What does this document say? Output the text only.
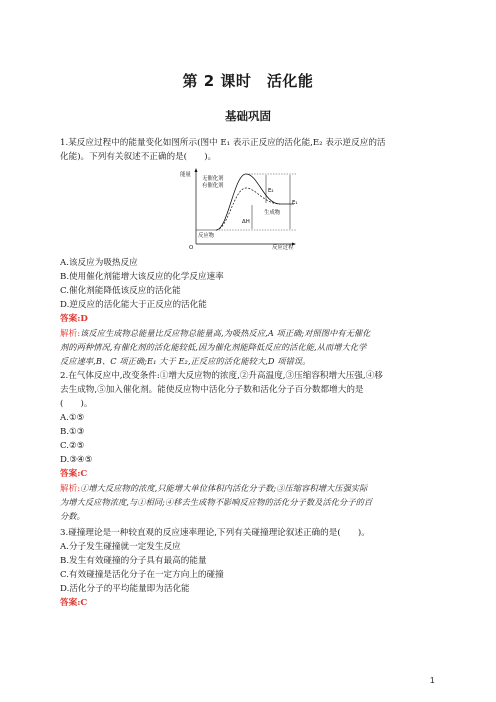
第 2 课时　活化能
基础巩固
1.某反应过程中的能量变化如图所示(图中 E₁ 表示正反应的活化能,E₂ 表示逆反应的活
化能)。下列有关叙述不正确的是(　　)。
能量
O	反应过程
反应物
无催化剂
有催化剂
生成物
E₁
E₂
ΔH
A.该反应为吸热反应
B.使用催化剂能增大该反应的化学反应速率
C.催化剂能降低该反应的活化能
D.逆反应的活化能大于正反应的活化能
答案:D
解析:该反应生成物总能量比反应物总能量高,为吸热反应,A 项正确;对照图中有无催化
剂的两种情况,有催化剂的活化能较低,因为催化剂能降低反应的活化能,从而增大化学
反应速率,B、C 项正确;E₁ 大于 E₂,正反应的活化能较大,D 项错误。
2.在气体反应中,改变条件:①增大反应物的浓度,②升高温度,③压缩容积增大压强,④移
去生成物,⑤加入催化剂。能使反应物中活化分子数和活化分子百分数都增大的是
(　　)。
A.①⑤
B.①③
C.②⑤
D.③④⑤
答案:C
解析:①增大反应物的浓度,只能增大单位体积内活化分子数;③压缩容积增大压强实际
为增大反应物浓度,与①相同;④移去生成物不影响反应物的活化分子数及活化分子的百
分数。
3.碰撞理论是一种较直观的反应速率理论,下列有关碰撞理论叙述正确的是(　　)。
A.分子发生碰撞就一定发生反应
B.发生有效碰撞的分子具有最高的能量
C.有效碰撞是活化分子在一定方向上的碰撞
D.活化分子的平均能量即为活化能
答案:C
1
